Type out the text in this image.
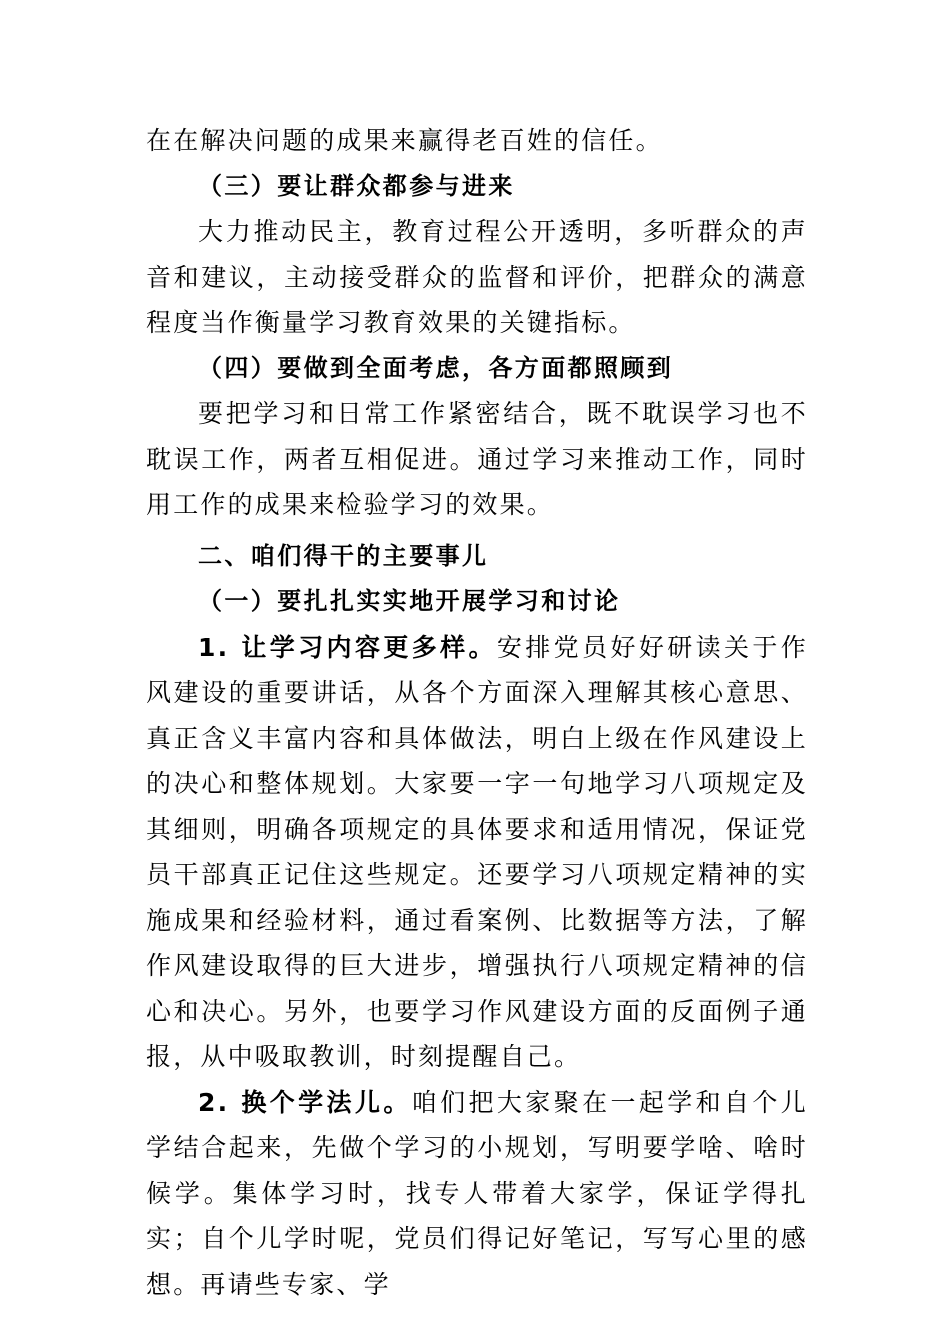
在在解决问题的成果来赢得老百姓的信任。

（三）要让群众都参与进来

大力推动民主，教育过程公开透明，多听群众的声音和建议，主动接受群众的监督和评价，把群众的满意程度当作衡量学习教育效果的关键指标。

（四）要做到全面考虑，各方面都照顾到

要把学习和日常工作紧密结合，既不耽误学习也不耽误工作，两者互相促进。通过学习来推动工作，同时用工作的成果来检验学习的效果。

二、咱们得干的主要事儿

（一）要扎扎实实地开展学习和讨论

1. 让学习内容更多样。安排党员好好研读关于作风建设的重要讲话，从各个方面深入理解其核心意思、真正含义丰富内容和具体做法，明白上级在作风建设上的决心和整体规划。大家要一字一句地学习八项规定及其细则，明确各项规定的具体要求和适用情况，保证党员干部真正记住这些规定。还要学习八项规定精神的实施成果和经验材料，通过看案例、比数据等方法，了解作风建设取得的巨大进步，增强执行八项规定精神的信心和决心。另外，也要学习作风建设方面的反面例子通报，从中吸取教训，时刻提醒自己。

2. 换个学法儿。咱们把大家聚在一起学和自个儿学结合起来，先做个学习的小规划，写明要学啥、啥时候学。集体学习时，找专人带着大家学，保证学得扎实；自个儿学时呢，党员们得记好笔记，写写心里的感想。再请些专家、学
